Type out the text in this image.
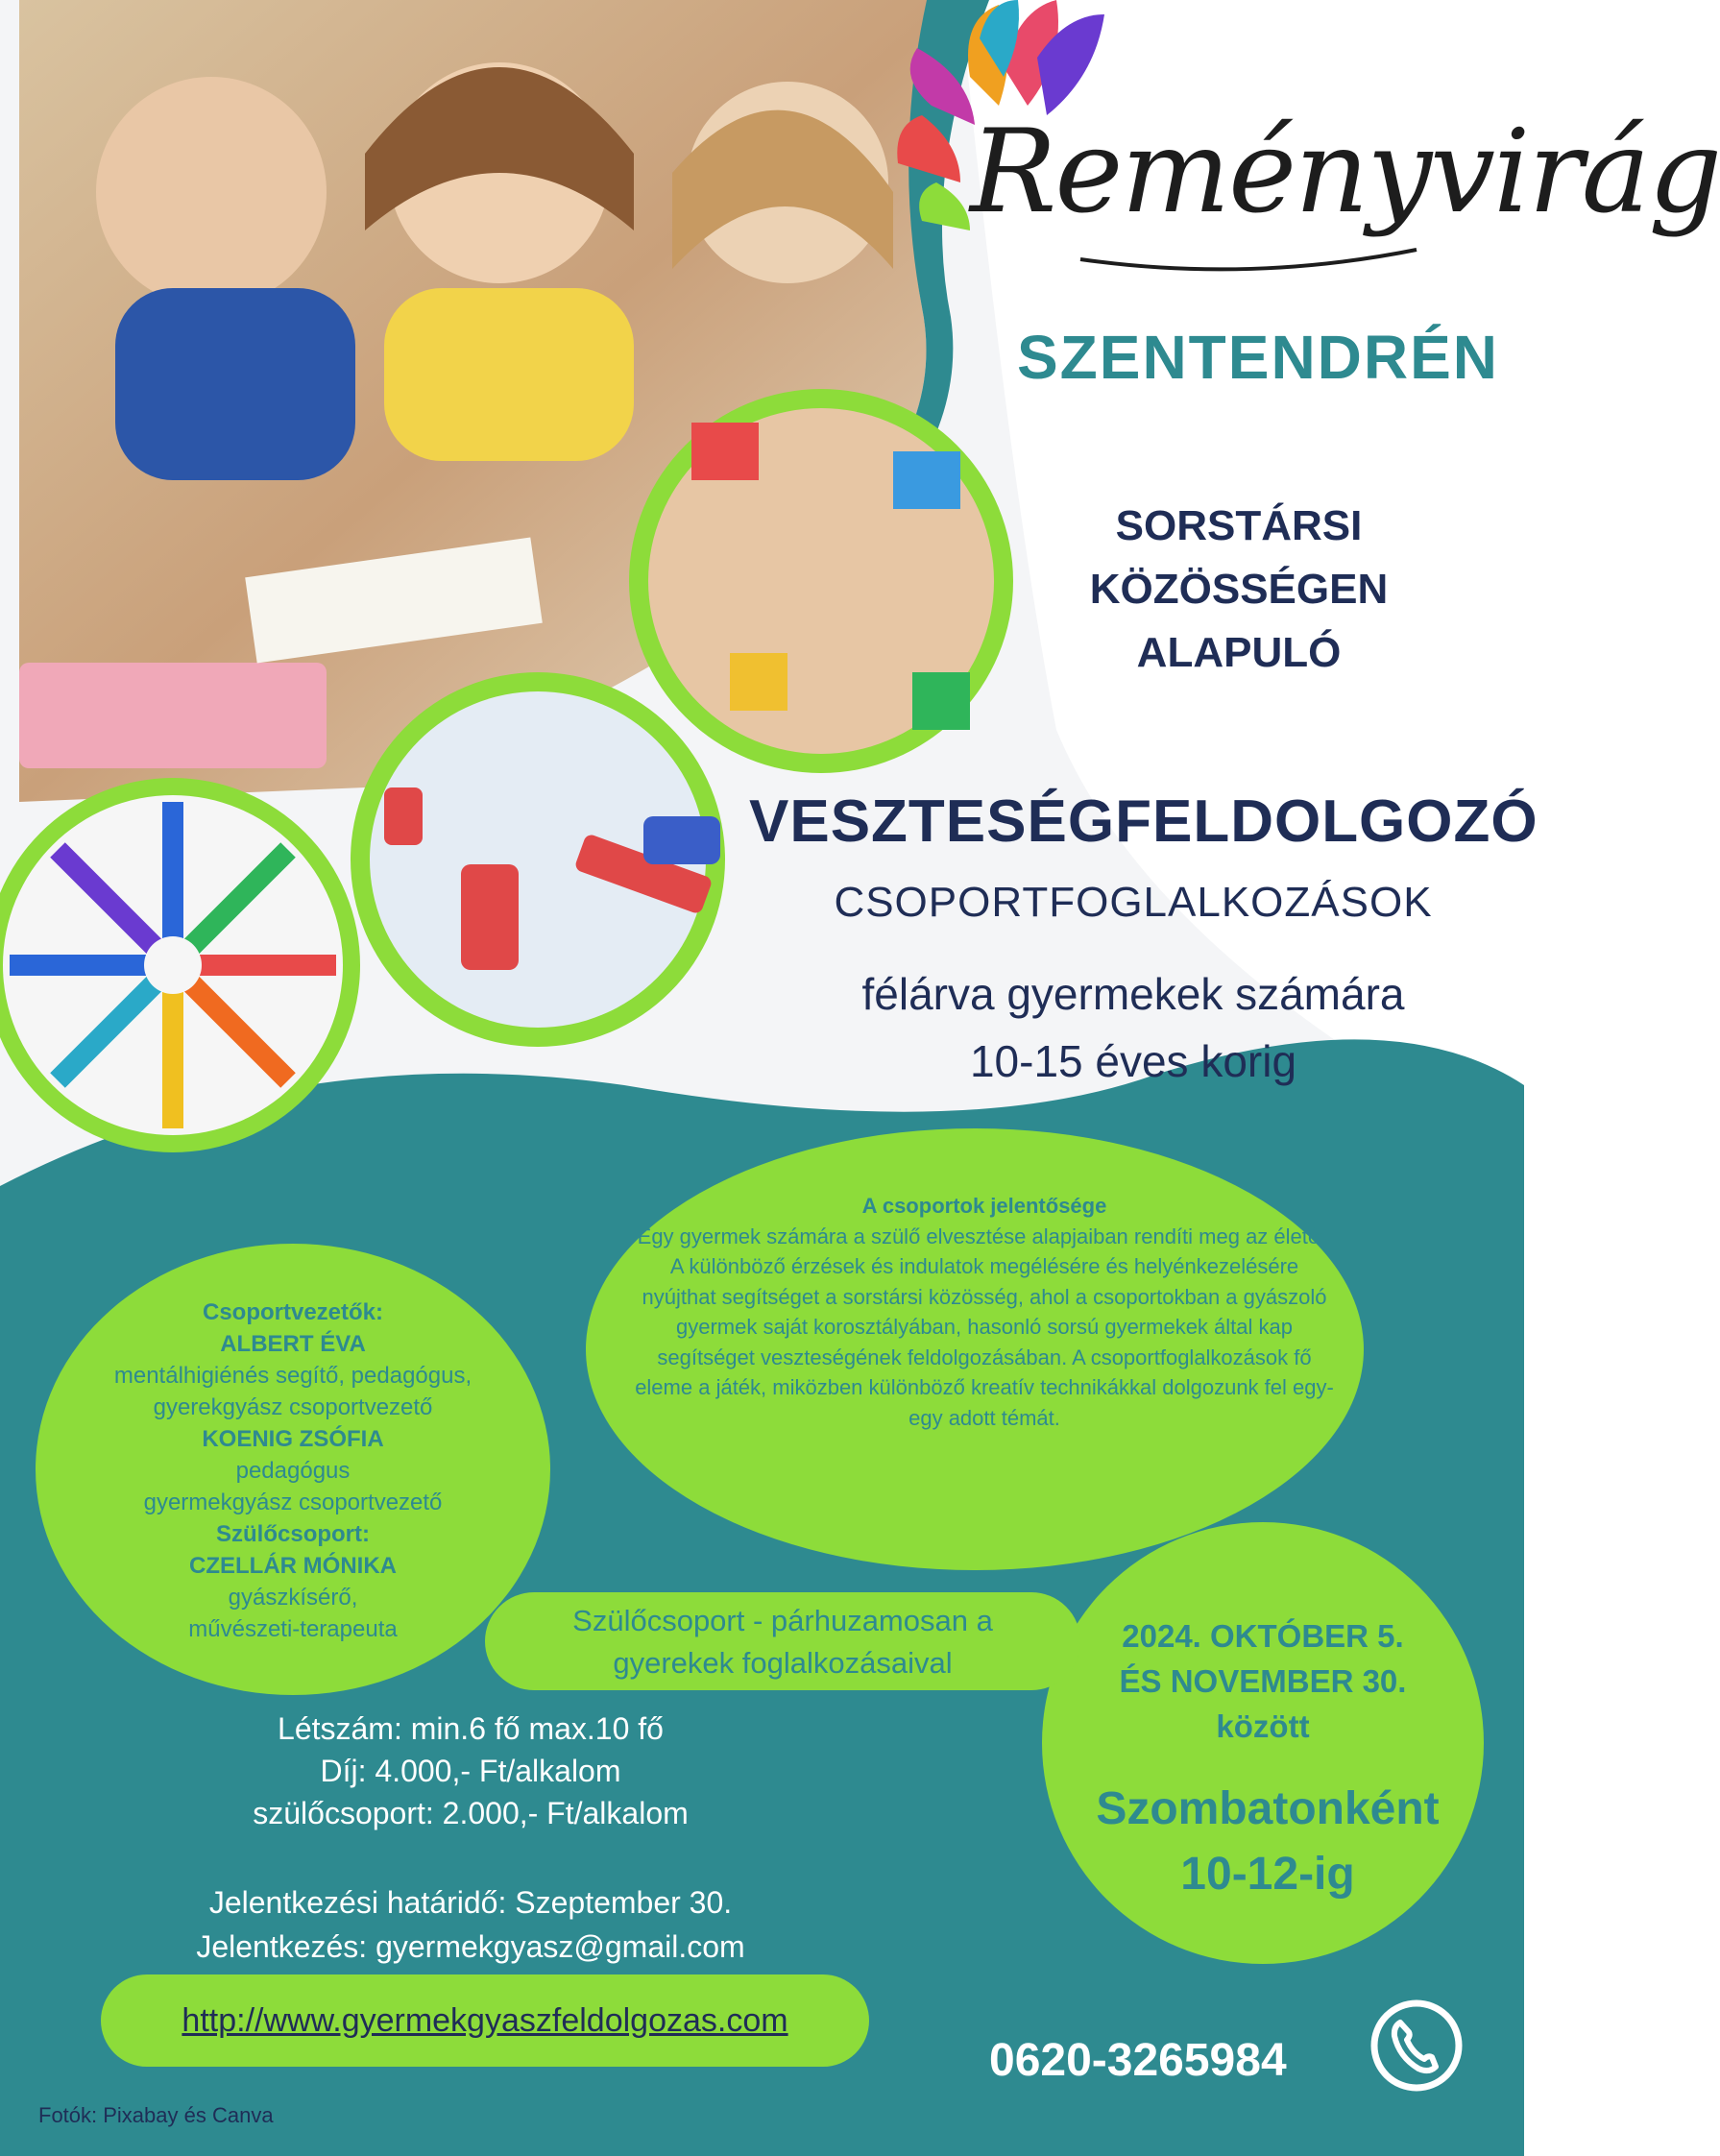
Reményvirág
SZENTENDRÉN
SORSTÁRSI
KÖZÖSSÉGEN
ALAPULÓ
VESZTESÉGFELDOLGOZÓ
CSOPORTFOGLALKOZÁSOK
félárva gyermekek számára
10-15 éves korig
A csoportok jelentősége
Egy gyermek számára a szülő elvesztése alapjaiban rendíti meg az életét. A különböző érzések és indulatok megélésére és helyénkezelésére nyújthat segítséget a sorstársi közösség, ahol a csoportokban a gyászoló gyermek saját korosztályában, hasonló sorsú gyermekek által kap segítséget veszteségének feldolgozásában. A csoportfoglalkozások fő eleme a játék, miközben különböző kreatív technikákkal dolgozunk fel egy-egy adott témát.
Csoportvezetők:
ALBERT ÉVA
mentálhigiénés segítő, pedagógus,
gyerekgyász csoportvezető
KOENIG ZSÓFIA
pedagógus
gyermekgyász csoportvezető
Szülőcsoport:
CZELLÁR MÓNIKA
gyászkísérő,
művészeti-terapeuta	Szülőcsoport - párhuzamosan a
gyerekek foglalkozásaival
Létszám: min.6 fő max.10 fő
Díj: 4.000,- Ft/alkalom
szülőcsoport: 2.000,- Ft/alkalom
Jelentkezési határidő: Szeptember 30.
Jelentkezés: gyermekgyasz@gmail.com
http://www.gyermekgyaszfeldolgozas.com
2024. OKTÓBER 5.
ÉS NOVEMBER 30.
között
Szombatonként
10-12-ig
0620-3265984
Fotók: Pixabay és Canva
